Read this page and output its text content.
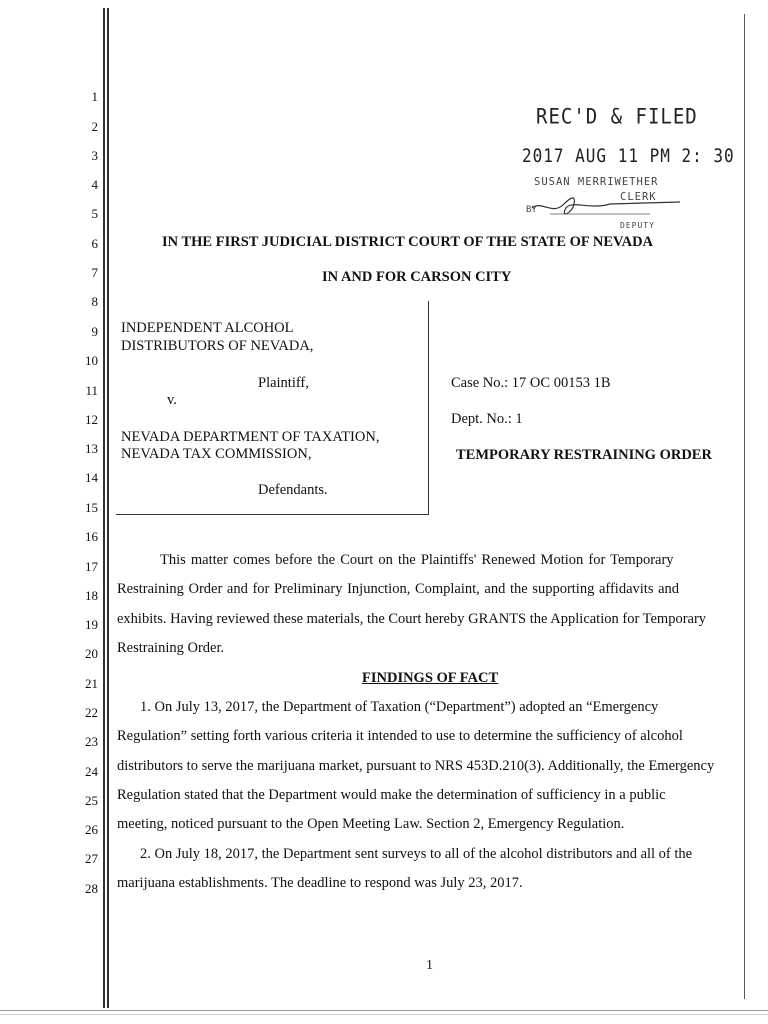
1
2
3
4
5
6
7
8
9
10
11
12
13
14
15
16
17
18
19
20
21
22
23
24
25
26
27
28
REC'D & FILED
2017 AUG 11 PM 2: 30
SUSAN MERRIWETHER
CLERK
BY
DEPUTY
IN THE FIRST JUDICIAL DISTRICT COURT OF THE STATE OF NEVADA
IN AND FOR CARSON CITY
INDEPENDENT ALCOHOL
DISTRIBUTORS OF NEVADA,
Plaintiff,
v.
NEVADA DEPARTMENT OF TAXATION,
NEVADA TAX COMMISSION,
Defendants.
Case No.: 17 OC 00153 1B
Dept. No.: 1
TEMPORARY RESTRAINING ORDER
This matter comes before the Court on the Plaintiffs' Renewed Motion for Temporary
Restraining Order and for Preliminary Injunction, Complaint, and the supporting affidavits and
exhibits. Having reviewed these materials, the Court hereby GRANTS the Application for Temporary
Restraining Order.
FINDINGS OF FACT
1. On July 13, 2017, the Department of Taxation (“Department”) adopted an “Emergency
Regulation” setting forth various criteria it intended to use to determine the sufficiency of alcohol
distributors to serve the marijuana market, pursuant to NRS 453D.210(3). Additionally, the Emergency
Regulation stated that the Department would make the determination of sufficiency in a public
meeting, noticed pursuant to the Open Meeting Law. Section 2, Emergency Regulation.
2. On July 18, 2017, the Department sent surveys to all of the alcohol distributors and all of the
marijuana establishments. The deadline to respond was July 23, 2017.
1
